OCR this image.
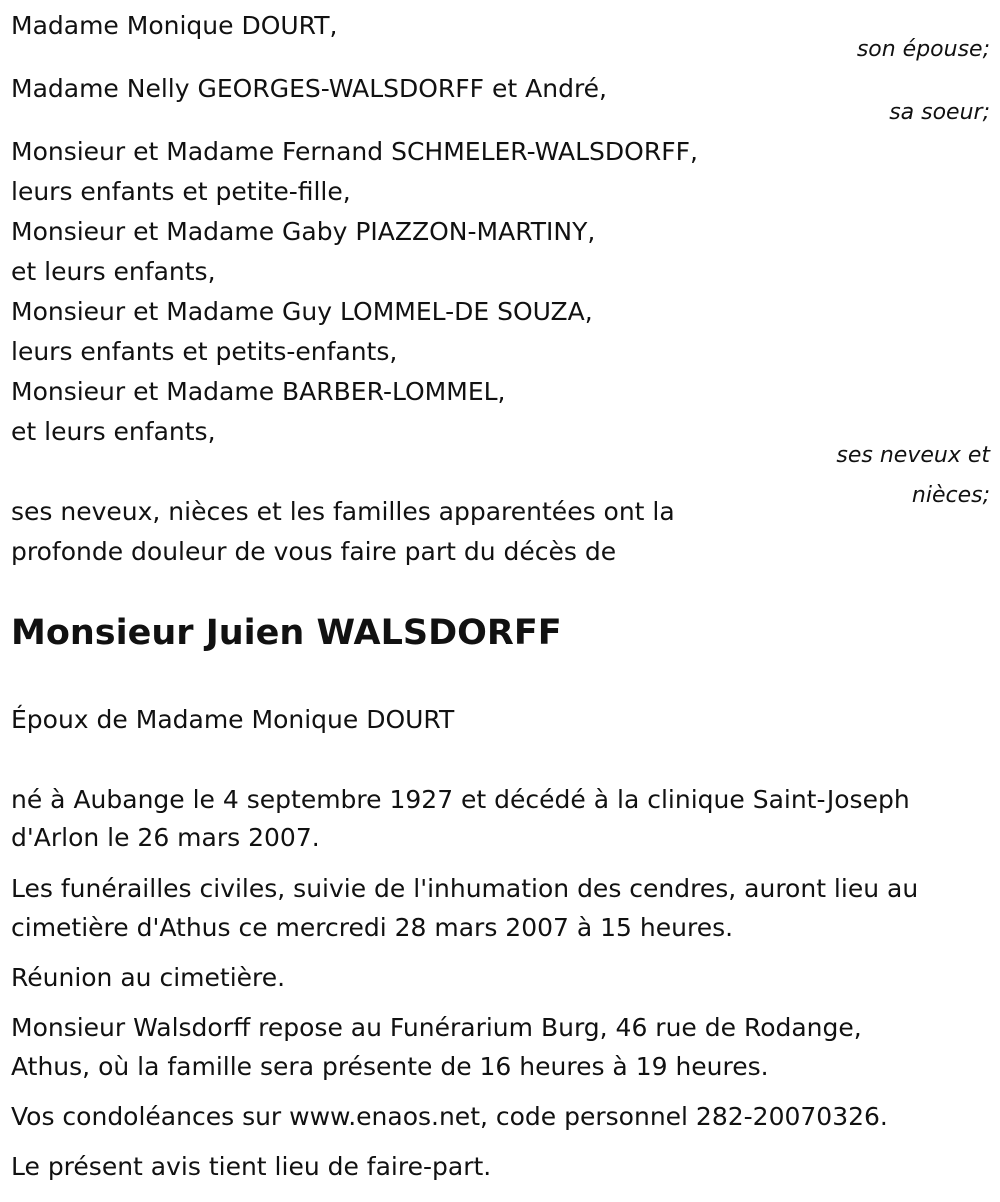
Madame Monique DOURT,
son épouse;
Madame Nelly GEORGES-WALSDORFF et André,
sa soeur;
Monsieur et Madame Fernand SCHMELER-WALSDORFF,
leurs enfants et petite-fille,
Monsieur et Madame Gaby PIAZZON-MARTINY,
et leurs enfants,
Monsieur et Madame Guy LOMMEL-DE SOUZA,
leurs enfants et petits-enfants,
Monsieur et Madame BARBER-LOMMEL,
et leurs enfants,
ses neveux et
nièces;
ses neveux, nièces et les familles apparentées ont la
profonde douleur de vous faire part du décès de
Monsieur Juien WALSDORFF
Époux de Madame Monique DOURT
né à Aubange le 4 septembre 1927 et décédé à la clinique Saint-Joseph
d'Arlon le 26 mars 2007.
Les funérailles civiles, suivie de l'inhumation des cendres, auront lieu au
cimetière d'Athus ce mercredi 28 mars 2007 à 15 heures.
Réunion au cimetière.
Monsieur Walsdorff repose au Funérarium Burg, 46 rue de Rodange,
Athus, où la famille sera présente de 16 heures à 19 heures.
Vos condoléances sur www.enaos.net, code personnel 282-20070326.
Le présent avis tient lieu de faire-part.
